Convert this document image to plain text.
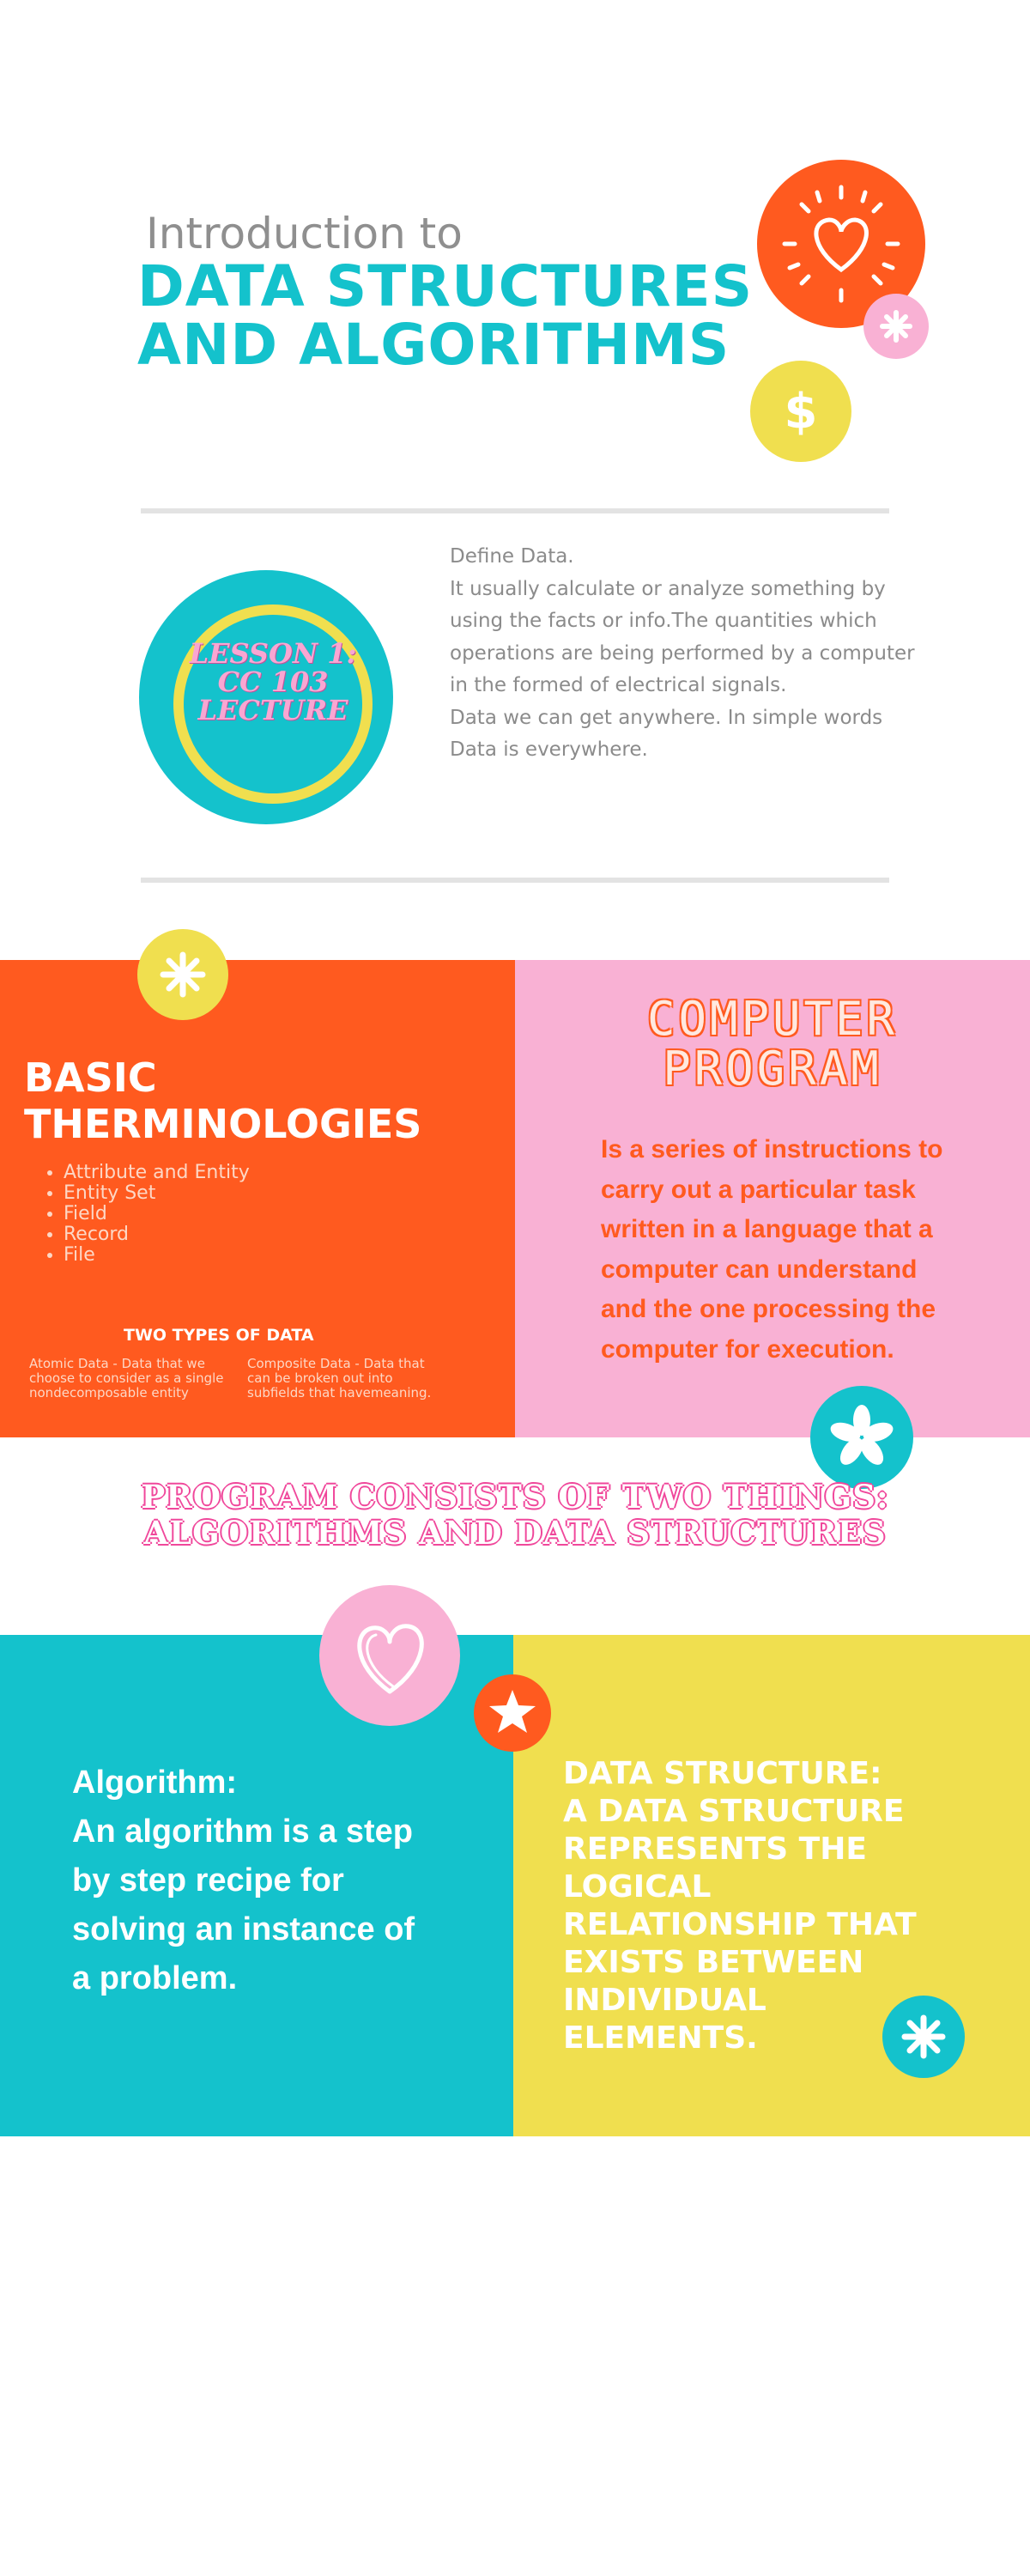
Introduction to
DATA STRUCTURES AND ALGORITHMS
$
LESSON 1:
CC 103
LECTURE
Define Data.
It usually calculate or analyze something by using the facts or info.The quantities which operations are being performed by a computer in the formed of electrical signals.
Data we can get anywhere. In simple words Data is everywhere.
BASIC
THERMINOLOGIES
• Attribute and Entity
• Entity Set
• Field
• Record
• File
TWO TYPES OF DATA
Atomic Data - Data that we choose to consider as a single nondecomposable entity
Composite Data - Data that can be broken out into subfields that havemeaning.
COMPUTER
PROGRAM
Is a series of instructions to carry out a particular task written in a language that a computer can understand and the one processing the computer for execution.
PROGRAM CONSISTS OF TWO THINGS: ALGORITHMS AND DATA STRUCTURES
Algorithm:
An algorithm is a step by step recipe for solving an instance of a problem.
DATA STRUCTURE:
A DATA STRUCTURE REPRESENTS THE LOGICAL RELATIONSHIP THAT EXISTS BETWEEN INDIVIDUAL ELEMENTS.
